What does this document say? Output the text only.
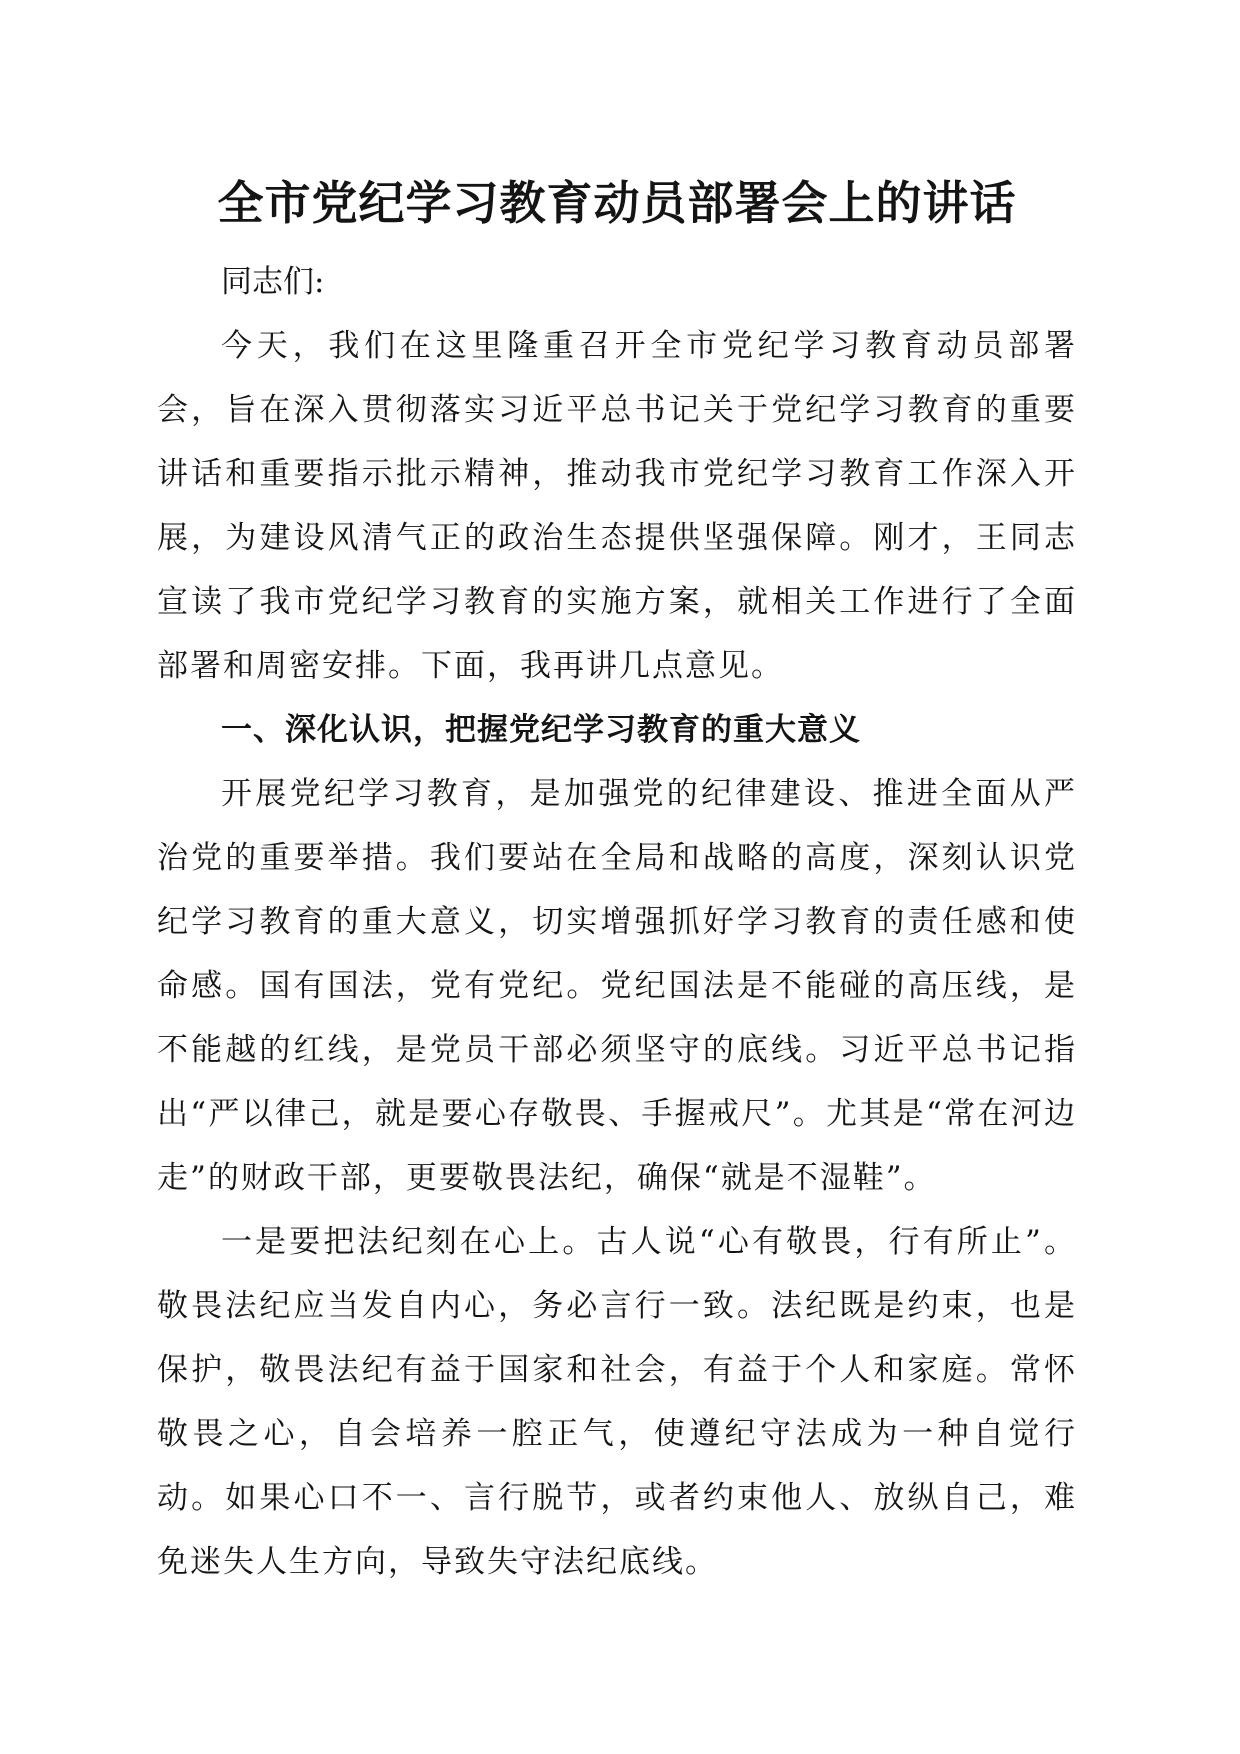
全市党纪学习教育动员部署会上的讲话

同志们:

今天，我们在这里隆重召开全市党纪学习教育动员部署会，旨在深入贯彻落实习近平总书记关于党纪学习教育的重要讲话和重要指示批示精神，推动我市党纪学习教育工作深入开展，为建设风清气正的政治生态提供坚强保障。刚才，王同志宣读了我市党纪学习教育的实施方案，就相关工作进行了全面部署和周密安排。下面，我再讲几点意见。

一、深化认识，把握党纪学习教育的重大意义

开展党纪学习教育，是加强党的纪律建设、推进全面从严治党的重要举措。我们要站在全局和战略的高度，深刻认识党纪学习教育的重大意义，切实增强抓好学习教育的责任感和使命感。国有国法，党有党纪。党纪国法是不能碰的高压线，是不能越的红线，是党员干部必须坚守的底线。习近平总书记指出“严以律己，就是要心存敬畏、手握戒尺”。尤其是“常在河边走”的财政干部，更要敬畏法纪，确保“就是不湿鞋”。

一是要把法纪刻在心上。古人说“心有敬畏，行有所止”。敬畏法纪应当发自内心，务必言行一致。法纪既是约束，也是保护，敬畏法纪有益于国家和社会，有益于个人和家庭。常怀敬畏之心，自会培养一腔正气，使遵纪守法成为一种自觉行动。如果心口不一、言行脱节，或者约束他人、放纵自己，难免迷失人生方向，导致失守法纪底线。
